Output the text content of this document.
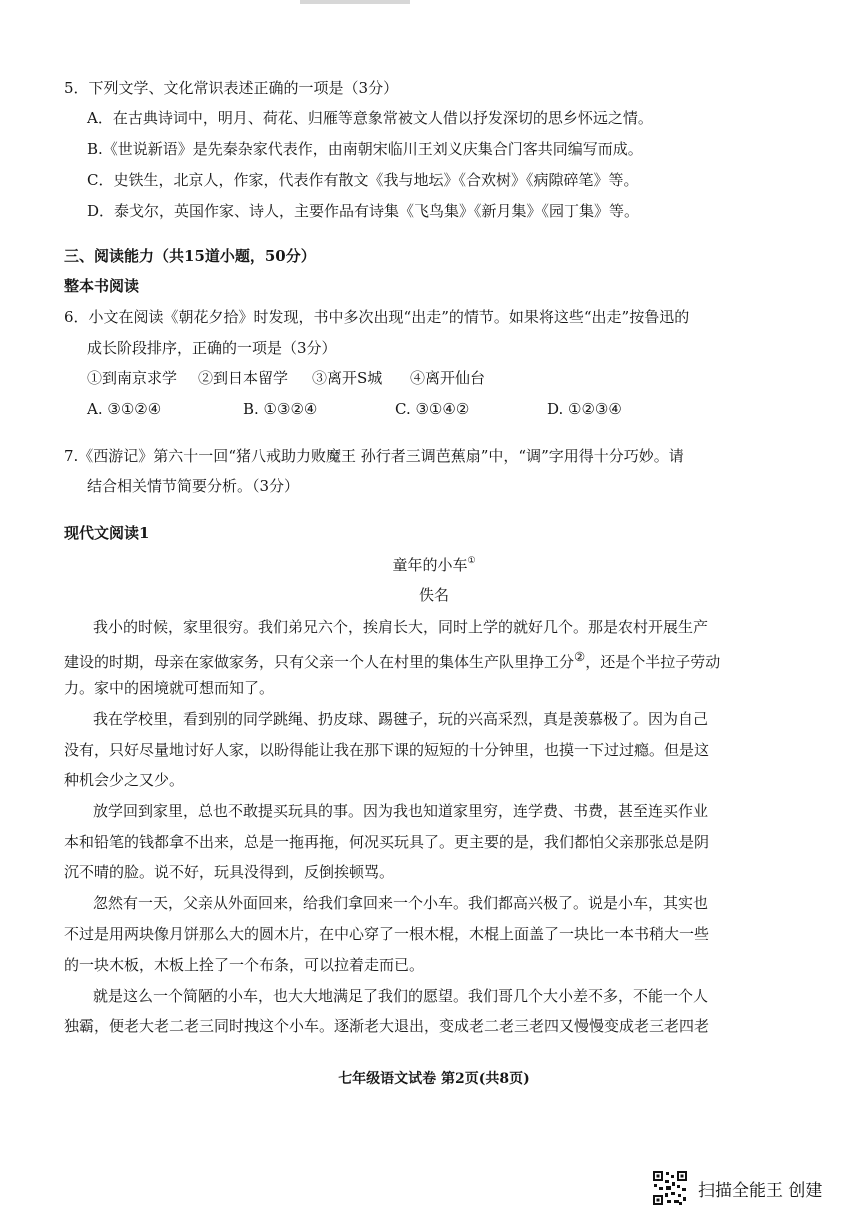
5．下列文学、文化常识表述正确的一项是（3分）
A．在古典诗词中，明月、荷花、归雁等意象常被文人借以抒发深切的思乡怀远之情。
B.《世说新语》是先秦杂家代表作，由南朝宋临川王刘义庆集合门客共同编写而成。
C．史铁生，北京人，作家，代表作有散文《我与地坛》《合欢树》《病隙碎笔》等。
D．泰戈尔，英国作家、诗人，主要作品有诗集《飞鸟集》《新月集》《园丁集》等。
三、阅读能力（共15道小题，50分）
整本书阅读
6．小文在阅读《朝花夕拾》时发现，书中多次出现“出走”的情节。如果将这些“出走”按鲁迅的
成长阶段排序，正确的一项是（3分）
①到南京求学 ②到日本留学 ③离开S城 ④离开仙台
A. ③①②④	B. ①③②④	C. ③①④②	D. ①②③④
7.《西游记》第六十一回“猪八戒助力败魔王 孙行者三调芭蕉扇”中，“调”字用得十分巧妙。请
结合相关情节简要分析。（3分）
现代文阅读1
童年的小车①
佚名
我小的时候，家里很穷。我们弟兄六个，挨肩长大，同时上学的就好几个。那是农村开展生产
建设的时期，母亲在家做家务，只有父亲一个人在村里的集体生产队里挣工分②，还是个半拉子劳动
力。家中的困境就可想而知了。
我在学校里，看到别的同学跳绳、扔皮球、踢毽子，玩的兴高采烈，真是羡慕极了。因为自己
没有，只好尽量地讨好人家，以盼得能让我在那下课的短短的十分钟里，也摸一下过过瘾。但是这
种机会少之又少。
放学回到家里，总也不敢提买玩具的事。因为我也知道家里穷，连学费、书费，甚至连买作业
本和铅笔的钱都拿不出来，总是一拖再拖，何况买玩具了。更主要的是，我们都怕父亲那张总是阴
沉不晴的脸。说不好，玩具没得到，反倒挨顿骂。
忽然有一天，父亲从外面回来，给我们拿回来一个小车。我们都高兴极了。说是小车，其实也
不过是用两块像月饼那么大的圆木片，在中心穿了一根木棍，木棍上面盖了一块比一本书稍大一些
的一块木板，木板上拴了一个布条，可以拉着走而已。
就是这么一个简陋的小车，也大大地满足了我们的愿望。我们哥几个大小差不多，不能一个人
独霸，便老大老二老三同时拽这个小车。逐渐老大退出，变成老二老三老四又慢慢变成老三老四老
七年级语文试卷 第2页(共8页)
扫描全能王 创建
